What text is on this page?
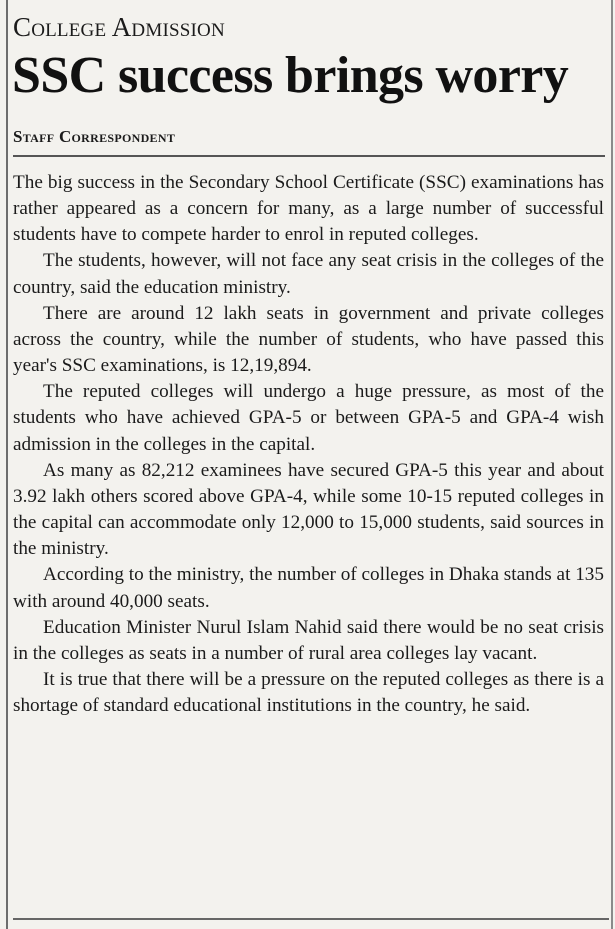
College Admission
SSC success brings worry
Staff Correspondent

The big success in the Secondary School Certificate (SSC) examinations has rather appeared as a concern for many, as a large number of successful students have to compete harder to enrol in reputed colleges.

The students, however, will not face any seat crisis in the colleges of the country, said the education ministry.

There are around 12 lakh seats in government and private colleges across the country, while the number of students, who have passed this year's SSC examinations, is 12,19,894.

The reputed colleges will undergo a huge pressure, as most of the students who have achieved GPA-5 or between GPA-5 and GPA-4 wish admission in the colleges in the capital.

As many as 82,212 examinees have secured GPA-5 this year and about 3.92 lakh others scored above GPA-4, while some 10-15 reputed colleges in the capital can accommodate only 12,000 to 15,000 students, said sources in the ministry.

According to the ministry, the number of colleges in Dhaka stands at 135 with around 40,000 seats.

Education Minister Nurul Islam Nahid said there would be no seat crisis in the colleges as seats in a number of rural area colleges lay vacant.

It is true that there will be a pressure on the reputed colleges as there is a shortage of standard educational institutions in the country, he said.
